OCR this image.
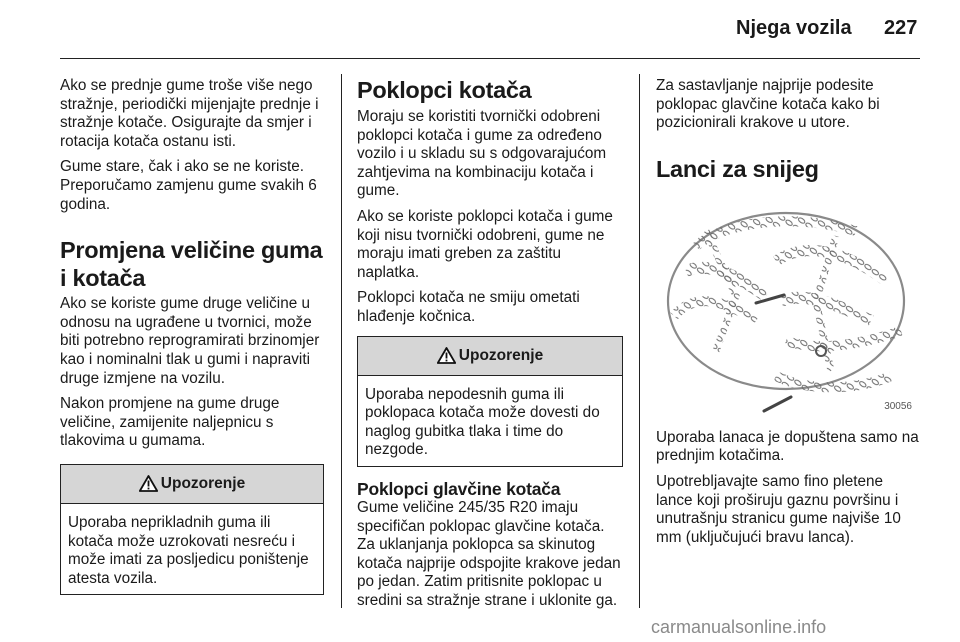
Njega vozila 227

Ako se prednje gume troše više nego stražnje, periodički mijenjajte prednje i stražnje kotače. Osigurajte da smjer i rotacija kotača ostanu isti.

Gume stare, čak i ako se ne koriste. Preporučamo zamjenu gume svakih 6 godina.

Promjena veličine guma i kotača

Ako se koriste gume druge veličine u odnosu na ugrađene u tvornici, može biti potrebno reprogramirati brzinomjer kao i nominalni tlak u gumi i napraviti druge izmjene na vozilu.

Nakon promjene na gume druge veličine, zamijenite naljepnicu s tlakovima u gumama.

Upozorenje
Uporaba neprikladnih guma ili kotača može uzrokovati nesreću i može imati za posljedicu poništenje atesta vozila.
Poklopci kotača

Moraju se koristiti tvornički odobreni poklopci kotača i gume za određeno vozilo i u skladu su s odgovarajućom zahtjevima na kombinaciju kotača i gume.

Ako se koriste poklopci kotača i gume koji nisu tvornički odobreni, gume ne moraju imati greben za zaštitu naplatka.

Poklopci kotača ne smiju ometati hlađenje kočnica.

Upozorenje
Uporaba nepodesnih guma ili poklopaca kotača može dovesti do naglog gubitka tlaka i time do nezgode.
Poklopci glavčine kotača

Gume veličine 245/35 R20 imaju specifičan poklopac glavčine kotača. Za uklanjanja poklopca sa skinutog kotača najprije odspojite krakove jedan po jedan. Zatim pritisnite poklopac u sredini sa stražnje strane i uklonite ga.

Za sastavljanje najprije podesite poklopac glavčine kotača kako bi pozicionirali krakove u utore.

Lanci za snijeg
30056

Uporaba lanaca je dopuštena samo na prednjim kotačima.

Upotrebljavajte samo fino pletene lance koji proširuju gaznu površinu i unutrašnju stranicu gume najviše 10 mm (uključujući bravu lanca).

carmanualsonline.info
